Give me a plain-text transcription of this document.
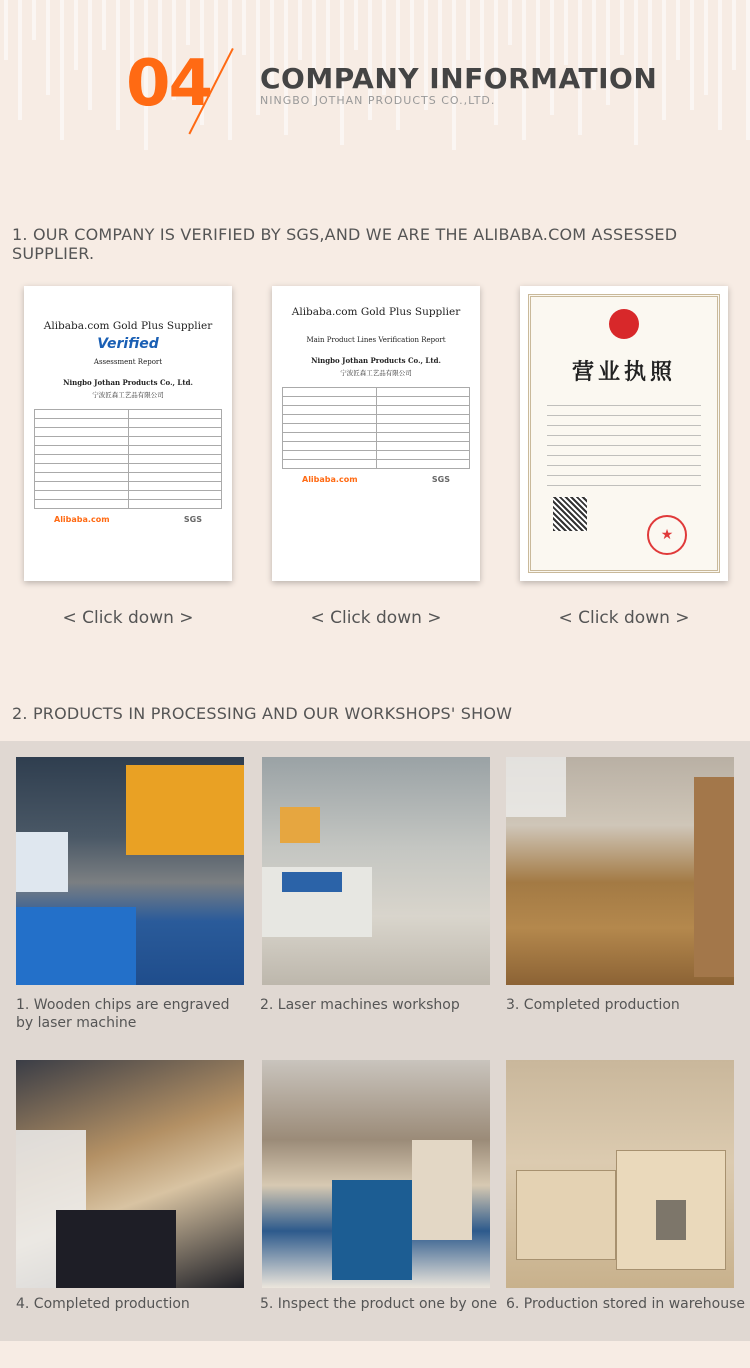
04 COMPANY INFORMATION
NINGBO JOTHAN PRODUCTS CO.,LTD.
1. OUR COMPANY IS VERIFIED BY SGS,AND WE ARE THE ALIBABA.COM ASSESSED SUPPLIER.
Alibaba.com Gold Plus Supplier
Verified
Assessment Report
Ningbo Jothan Products Co., Ltd.
宁波匠森工艺品有限公司

Alibaba.com	SGS
Alibaba.com Gold Plus Supplier
Main Product Lines Verification Report
Ningbo Jothan Products Co., Ltd.
宁波匠森工艺品有限公司

Alibaba.com	SGS
营业执照
★
< Click down >	< Click down >	< Click down >
2. PRODUCTS IN PROCESSING AND OUR WORKSHOPS' SHOW
1. Wooden chips are engraved by laser machine
2. Laser machines workshop	3. Completed production
4. Completed production	5. Inspect the product one by one 6. Production stored in warehouse
